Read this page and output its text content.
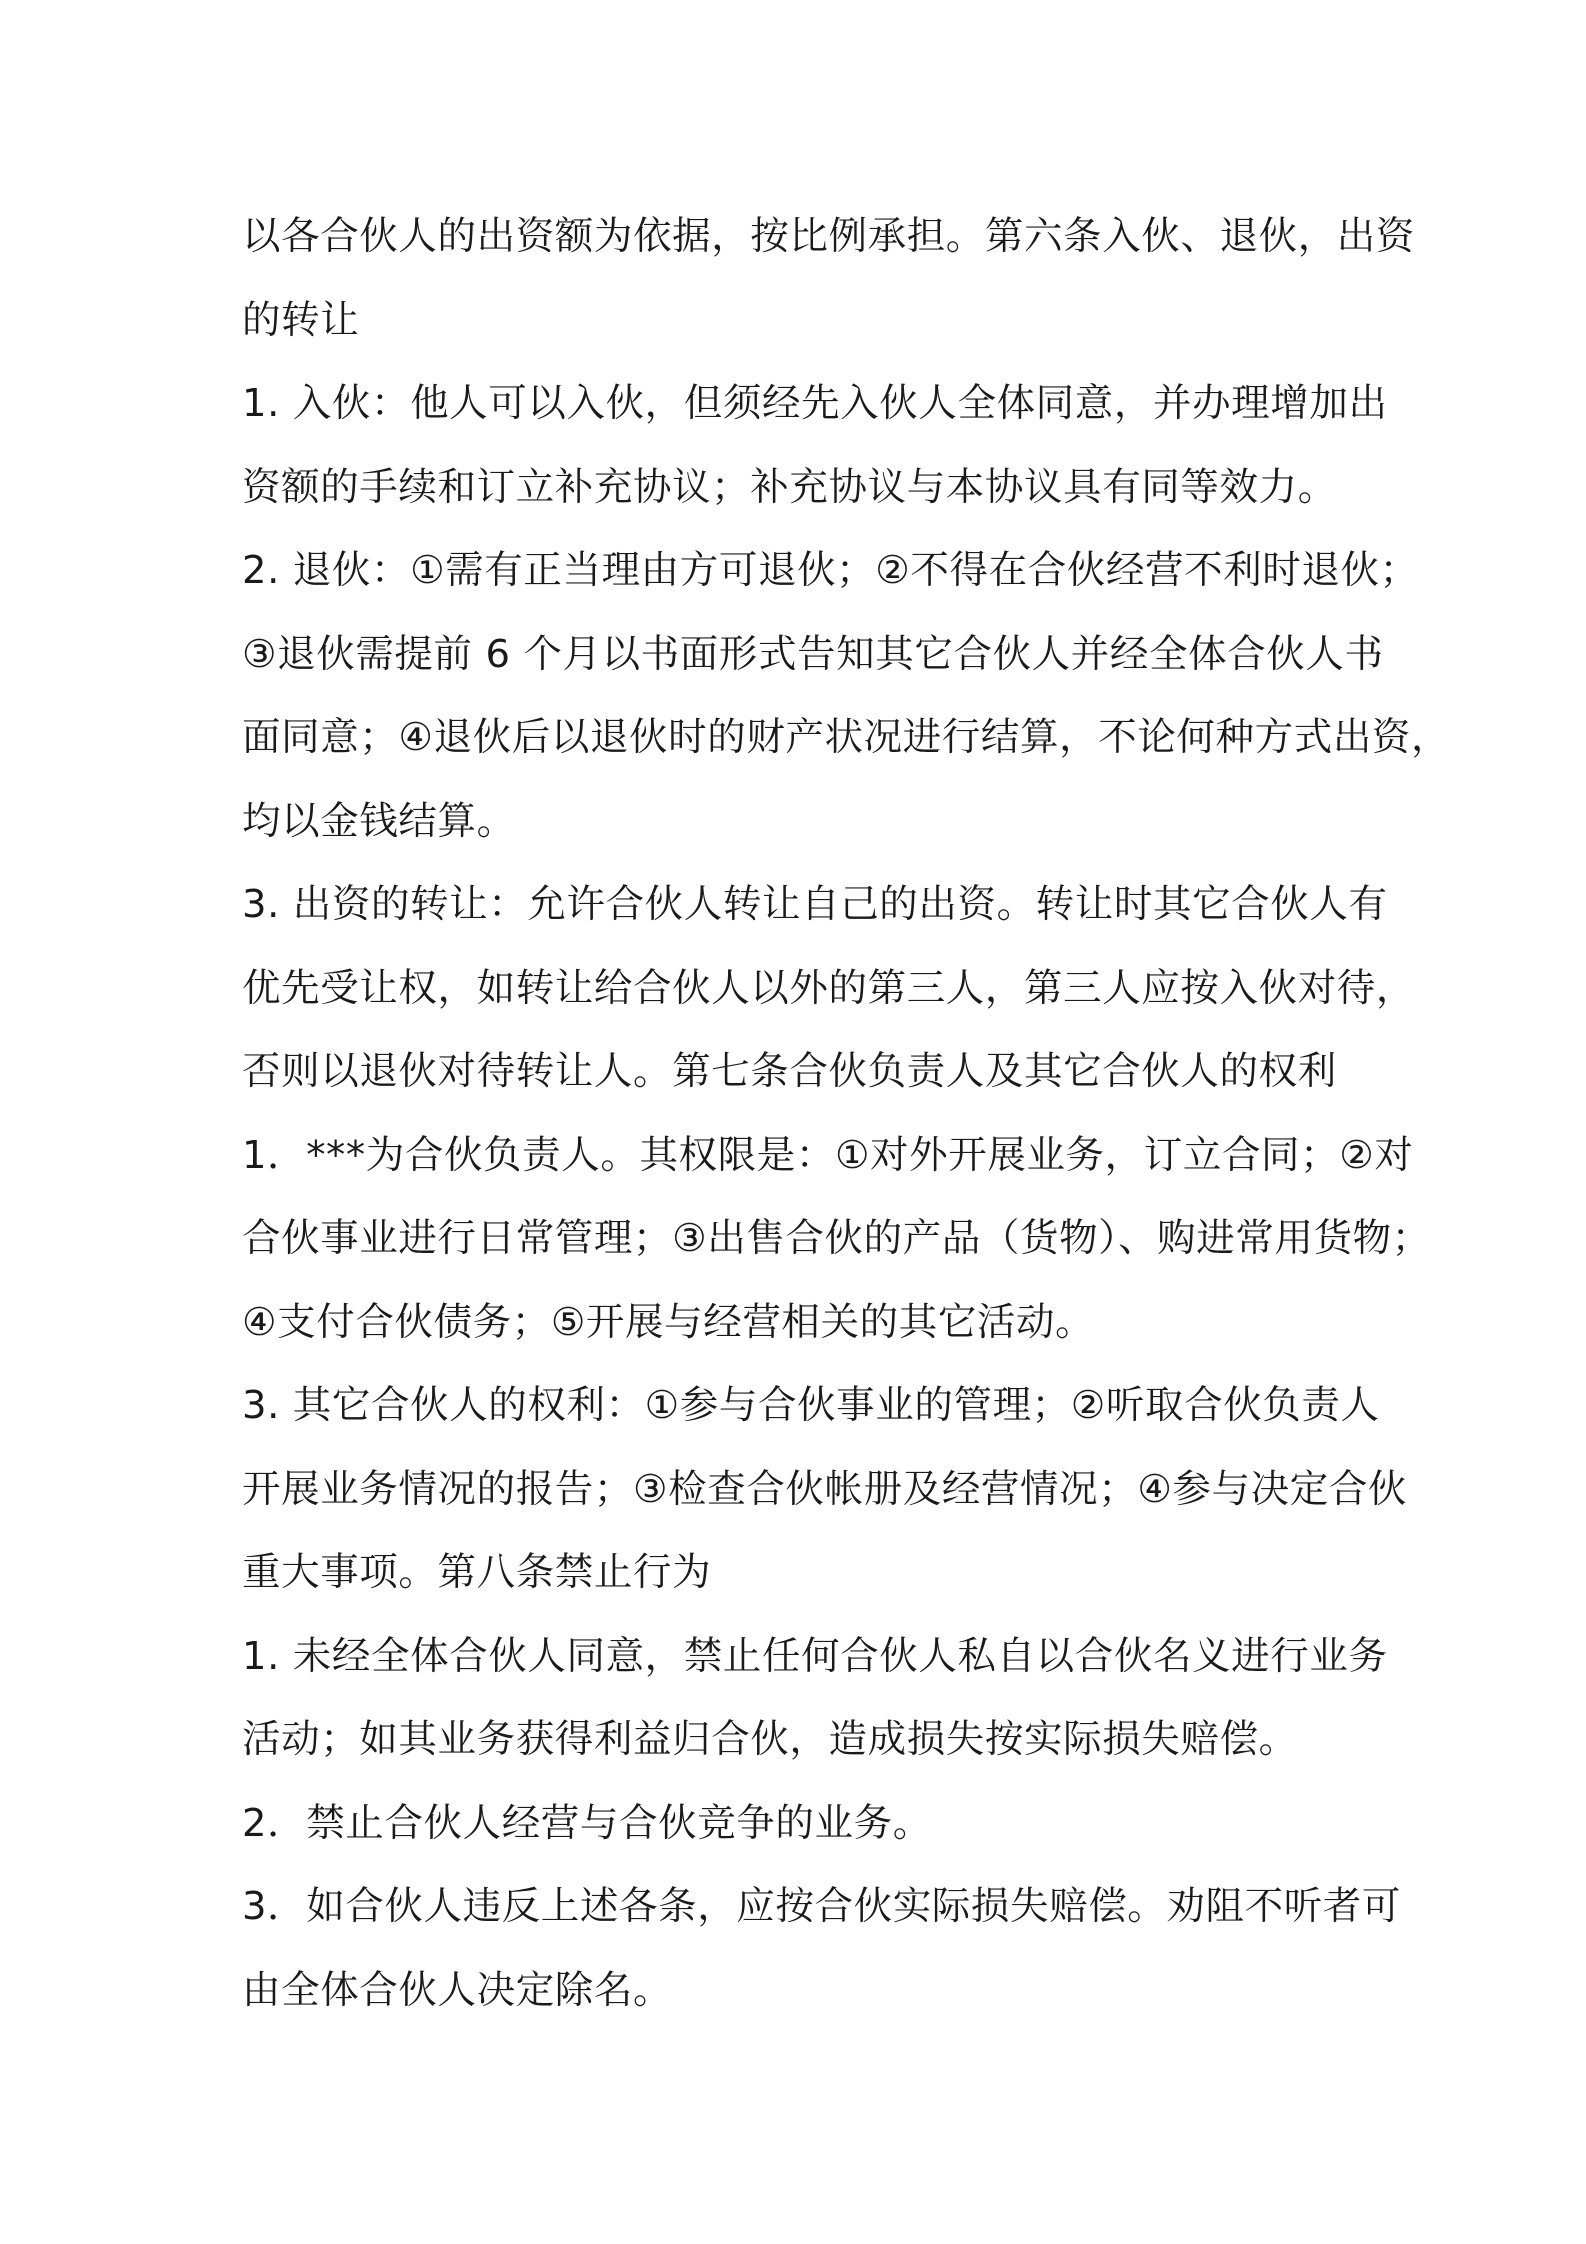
以各合伙人的出资额为依据，按比例承担。第六条入伙、退伙，出资
的转让
1. 入伙：他人可以入伙，但须经先入伙人全体同意，并办理增加出
资额的手续和订立补充协议；补充协议与本协议具有同等效力。
2. 退伙：①需有正当理由方可退伙；②不得在合伙经营不利时退伙；
③退伙需提前 6 个月以书面形式告知其它合伙人并经全体合伙人书
面同意；④退伙后以退伙时的财产状况进行结算，不论何种方式出资，
均以金钱结算。
3. 出资的转让：允许合伙人转让自己的出资。转让时其它合伙人有
优先受让权，如转让给合伙人以外的第三人，第三人应按入伙对待，
否则以退伙对待转让人。第七条合伙负责人及其它合伙人的权利
1．***为合伙负责人。其权限是：①对外开展业务，订立合同；②对
合伙事业进行日常管理；③出售合伙的产品（货物）、购进常用货物；
④支付合伙债务；⑤开展与经营相关的其它活动。
3. 其它合伙人的权利：①参与合伙事业的管理；②听取合伙负责人
开展业务情况的报告；③检查合伙帐册及经营情况；④参与决定合伙
重大事项。第八条禁止行为
1. 未经全体合伙人同意，禁止任何合伙人私自以合伙名义进行业务
活动；如其业务获得利益归合伙，造成损失按实际损失赔偿。
2．禁止合伙人经营与合伙竞争的业务。
3．如合伙人违反上述各条，应按合伙实际损失赔偿。劝阻不听者可
由全体合伙人决定除名。
